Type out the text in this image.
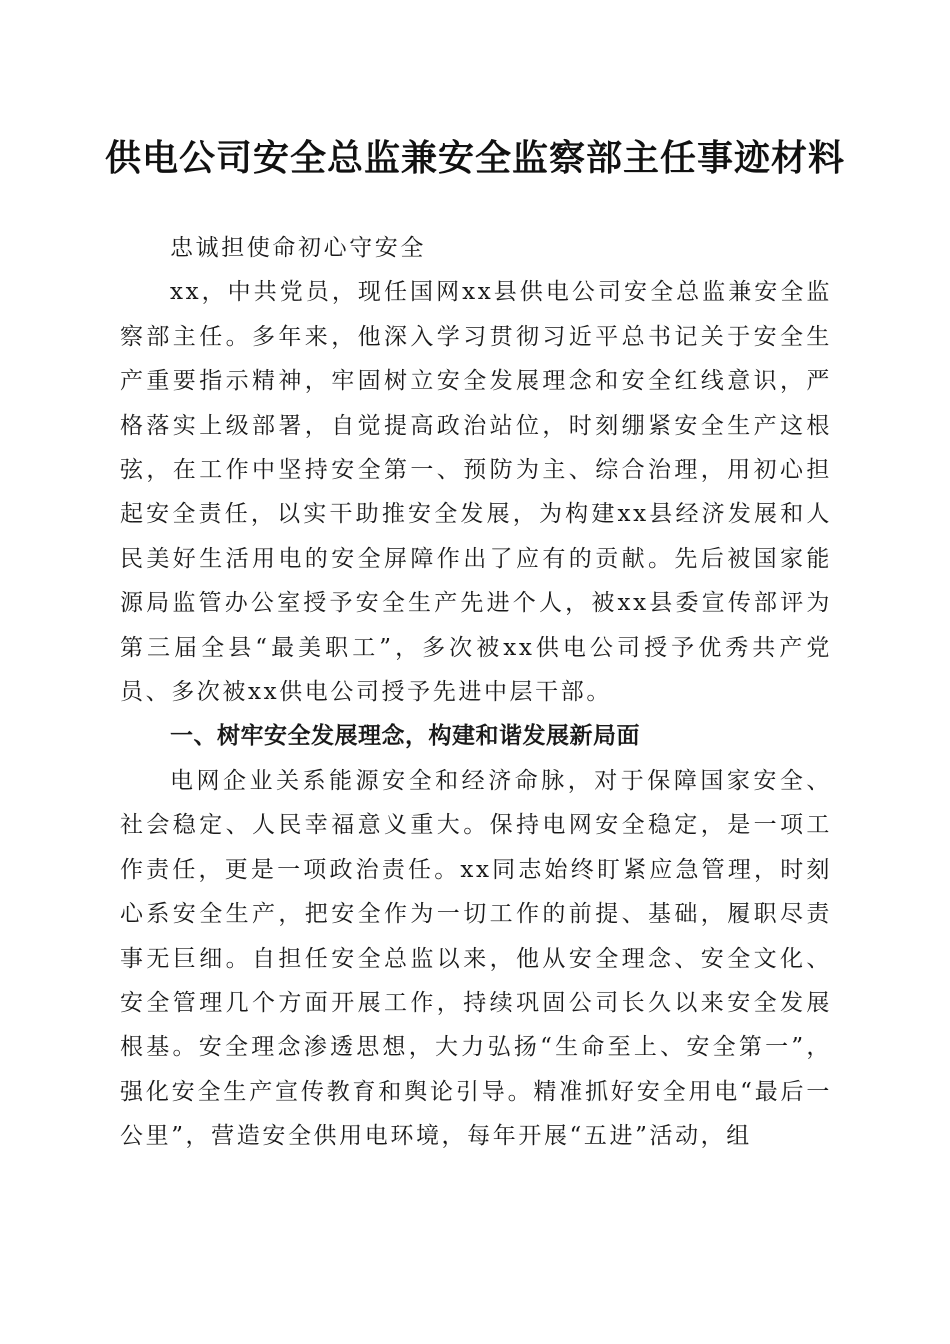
供电公司安全总监兼安全监察部主任事迹材料

忠诚担使命初心守安全

xx，中共党员，现任国网xx县供电公司安全总监兼安全监察部主任。多年来，他深入学习贯彻习近平总书记关于安全生产重要指示精神，牢固树立安全发展理念和安全红线意识，严格落实上级部署，自觉提高政治站位，时刻绷紧安全生产这根弦，在工作中坚持安全第一、预防为主、综合治理，用初心担起安全责任，以实干助推安全发展，为构建xx县经济发展和人民美好生活用电的安全屏障作出了应有的贡献。先后被国家能源局监管办公室授予安全生产先进个人，被xx县委宣传部评为第三届全县“最美职工”，多次被xx供电公司授予优秀共产党员、多次被xx供电公司授予先进中层干部。

一、树牢安全发展理念，构建和谐发展新局面

电网企业关系能源安全和经济命脉，对于保障国家安全、社会稳定、人民幸福意义重大。保持电网安全稳定，是一项工作责任，更是一项政治责任。xx同志始终盯紧应急管理，时刻心系安全生产，把安全作为一切工作的前提、基础，履职尽责事无巨细。自担任安全总监以来，他从安全理念、安全文化、安全管理几个方面开展工作，持续巩固公司长久以来安全发展根基。安全理念渗透思想，大力弘扬“生命至上、安全第一”，强化安全生产宣传教育和舆论引导。精准抓好安全用电“最后一公里”，营造安全供用电环境，每年开展“五进”活动，组
